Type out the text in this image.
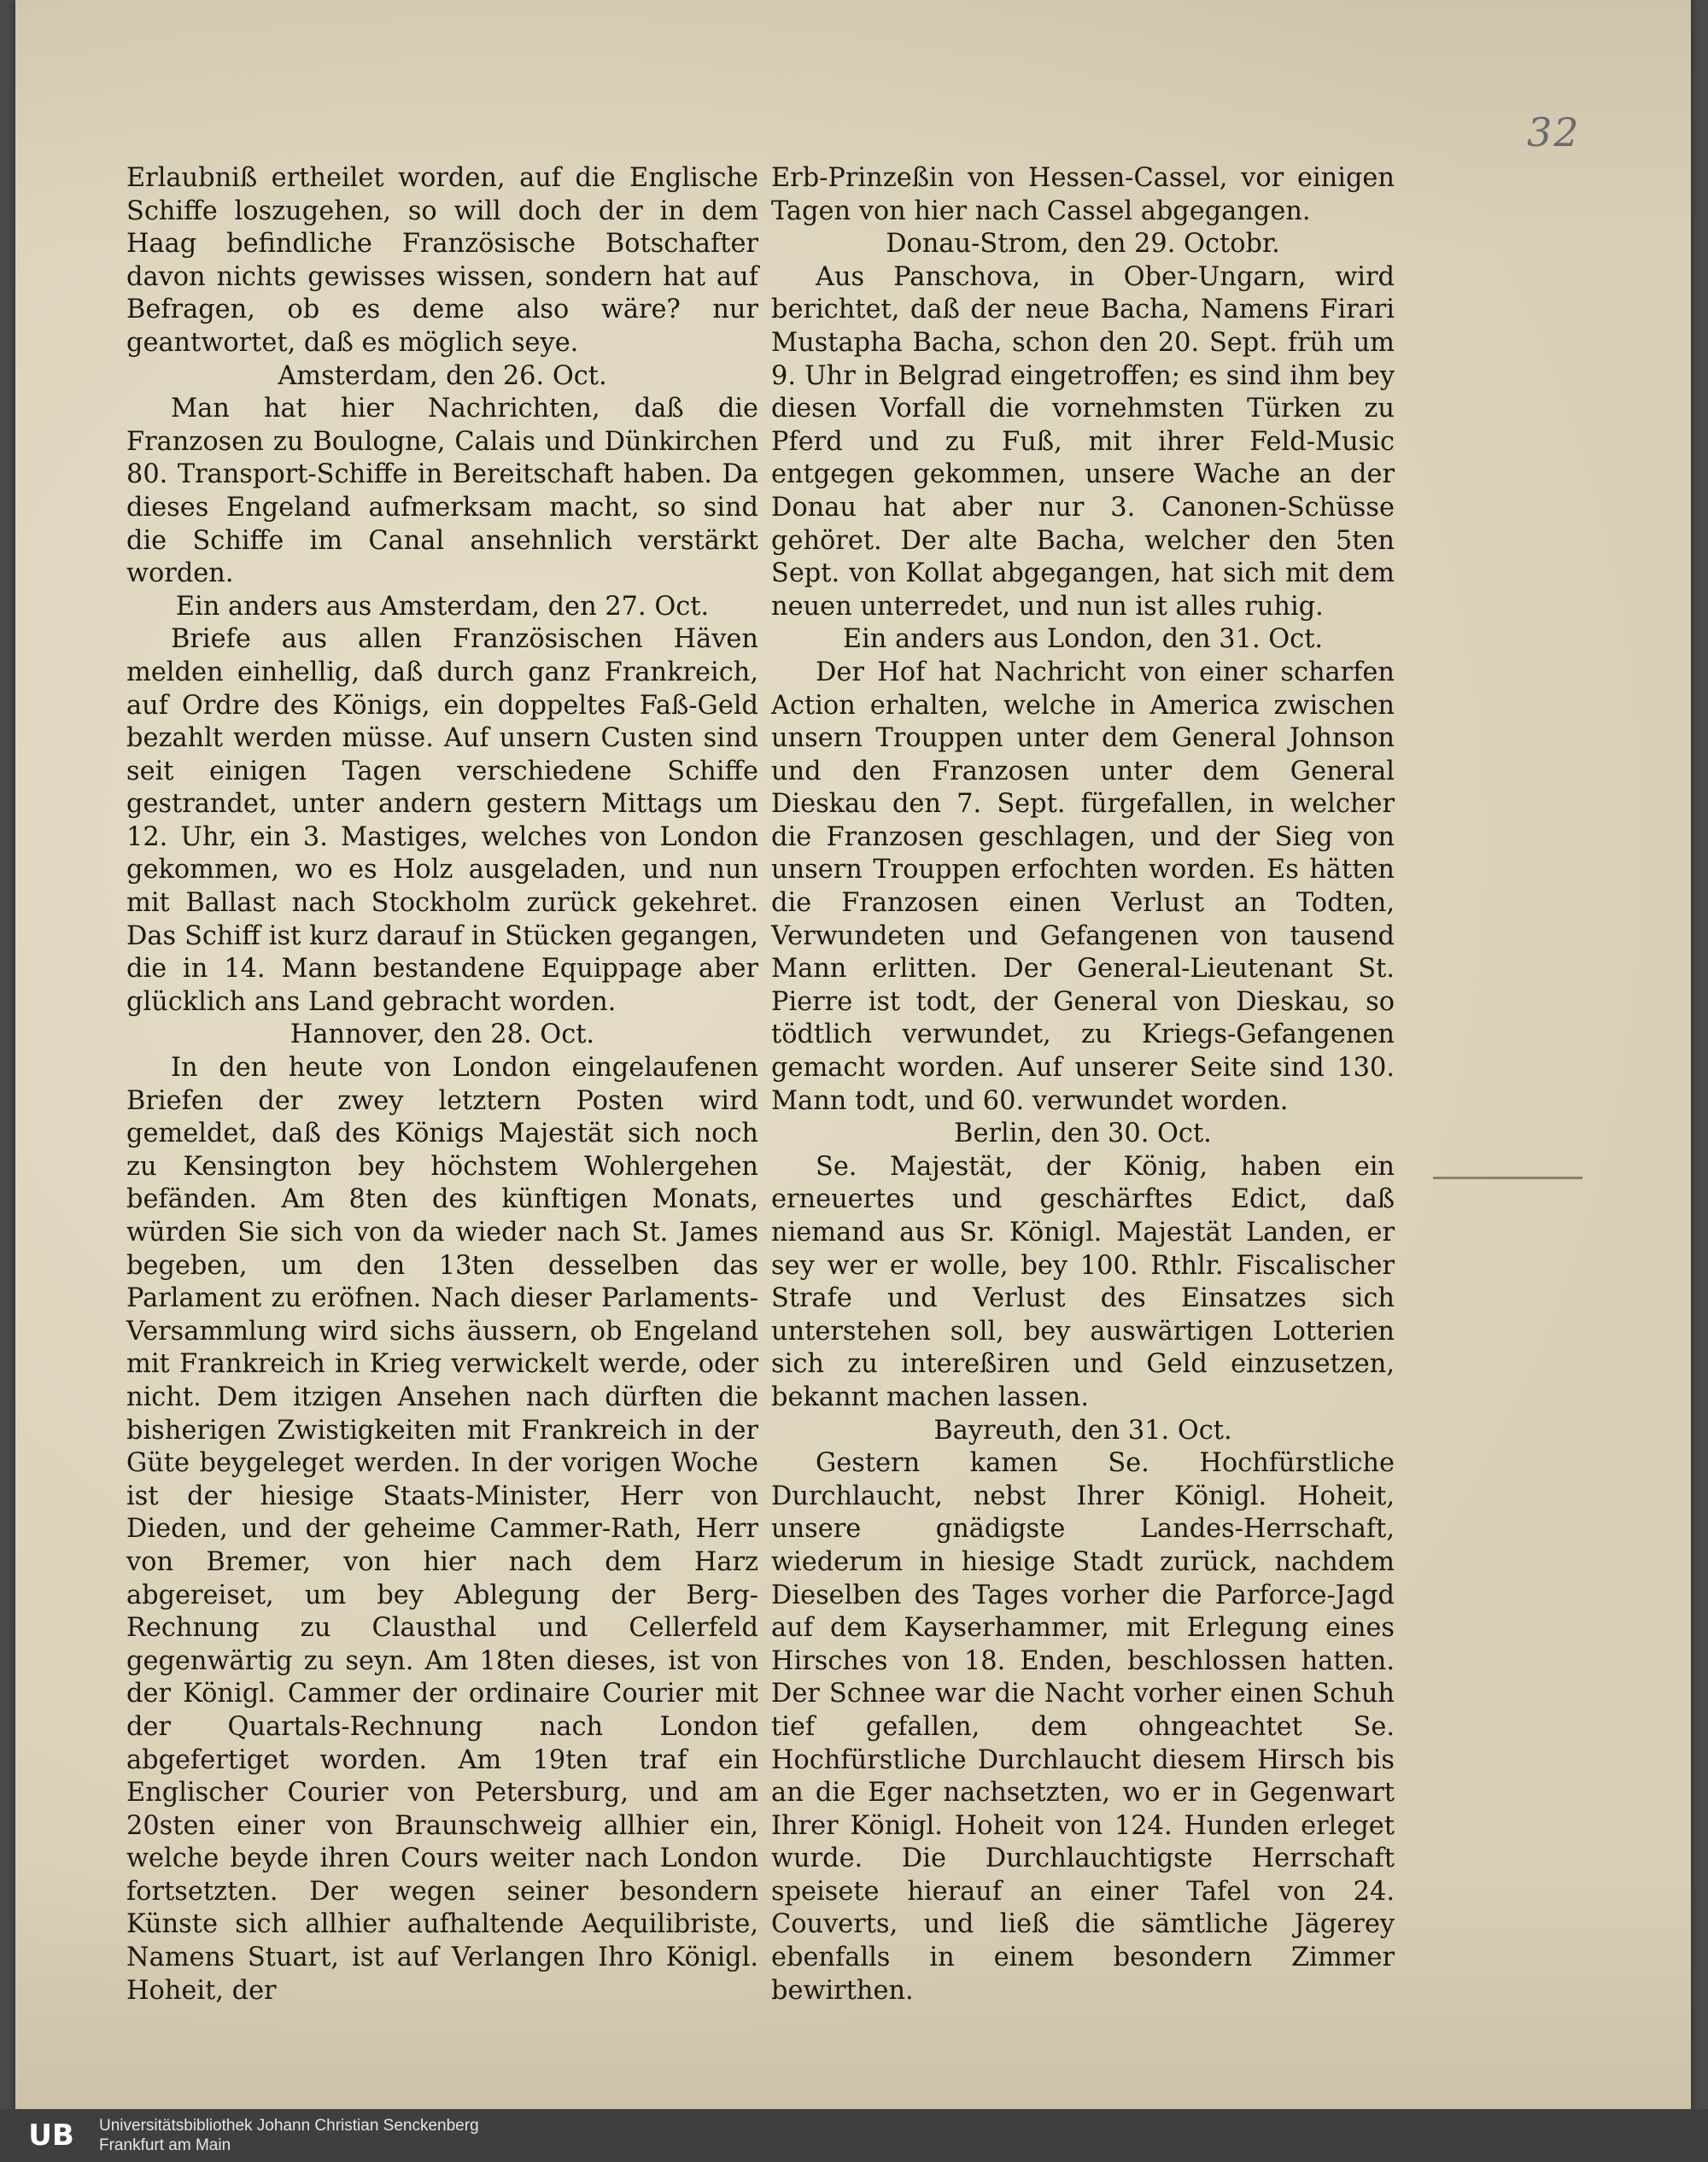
32

Erlaubniß ertheilet worden, auf die Englische Schiffe loszugehen, so will doch der in dem Haag befindliche Französische Botschafter davon nichts gewisses wissen, sondern hat auf Befragen, ob es deme also wäre? nur geantwortet, daß es möglich seye.

Amsterdam, den 26. Oct.

Man hat hier Nachrichten, daß die Franzosen zu Boulogne, Calais und Dünkirchen 80. Transport-Schiffe in Bereitschaft haben. Da dieses Engeland aufmerksam macht, so sind die Schiffe im Canal ansehnlich verstärkt worden.

Ein anders aus Amsterdam, den 27. Oct.

Briefe aus allen Französischen Häven melden einhellig, daß durch ganz Frankreich, auf Ordre des Königs, ein doppeltes Faß-Geld bezahlt werden müsse. Auf unsern Custen sind seit einigen Tagen verschiedene Schiffe gestrandet, unter andern gestern Mittags um 12. Uhr, ein 3. Mastiges, welches von London gekommen, wo es Holz ausgeladen, und nun mit Ballast nach Stockholm zurück gekehret. Das Schiff ist kurz darauf in Stücken gegangen, die in 14. Mann bestandene Equippage aber glücklich ans Land gebracht worden.

Hannover, den 28. Oct.

In den heute von London eingelaufenen Briefen der zwey letztern Posten wird gemeldet, daß des Königs Majestät sich noch zu Kensington bey höchstem Wohlergehen befänden. Am 8ten des künftigen Monats, würden Sie sich von da wieder nach St. James begeben, um den 13ten desselben das Parlament zu eröfnen. Nach dieser Parlaments-Versammlung wird sichs äussern, ob Engeland mit Frankreich in Krieg verwickelt werde, oder nicht. Dem itzigen Ansehen nach dürften die bisherigen Zwistigkeiten mit Frankreich in der Güte beygeleget werden. In der vorigen Woche ist der hiesige Staats-Minister, Herr von Dieden, und der geheime Cammer-Rath, Herr von Bremer, von hier nach dem Harz abgereiset, um bey Ablegung der Berg-Rechnung zu Clausthal und Cellerfeld gegenwärtig zu seyn. Am 18ten dieses, ist von der Königl. Cammer der ordinaire Courier mit der Quartals-Rechnung nach London abgefertiget worden. Am 19ten traf ein Englischer Courier von Petersburg, und am 20sten einer von Braunschweig allhier ein, welche beyde ihren Cours weiter nach London fortsetzten. Der wegen seiner besondern Künste sich allhier aufhaltende Aequilibriste, Namens Stuart, ist auf Verlangen Ihro Königl. Hoheit, der

Erb-Prinzeßin von Hessen-Cassel, vor einigen Tagen von hier nach Cassel abgegangen.

Donau-Strom, den 29. Octobr.

Aus Panschova, in Ober-Ungarn, wird berichtet, daß der neue Bacha, Namens Firari Mustapha Bacha, schon den 20. Sept. früh um 9. Uhr in Belgrad eingetroffen; es sind ihm bey diesen Vorfall die vornehmsten Türken zu Pferd und zu Fuß, mit ihrer Feld-Music entgegen gekommen, unsere Wache an der Donau hat aber nur 3. Canonen-Schüsse gehöret. Der alte Bacha, welcher den 5ten Sept. von Kollat abgegangen, hat sich mit dem neuen unterredet, und nun ist alles ruhig.

Ein anders aus London, den 31. Oct.

Der Hof hat Nachricht von einer scharfen Action erhalten, welche in America zwischen unsern Trouppen unter dem General Johnson und den Franzosen unter dem General Dieskau den 7. Sept. fürgefallen, in welcher die Franzosen geschlagen, und der Sieg von unsern Trouppen erfochten worden. Es hätten die Franzosen einen Verlust an Todten, Verwundeten und Gefangenen von tausend Mann erlitten. Der General-Lieutenant St. Pierre ist todt, der General von Dieskau, so tödtlich verwundet, zu Kriegs-Gefangenen gemacht worden. Auf unserer Seite sind 130. Mann todt, und 60. verwundet worden.

Berlin, den 30. Oct.

Se. Majestät, der König, haben ein erneuertes und geschärftes Edict, daß niemand aus Sr. Königl. Majestät Landen, er sey wer er wolle, bey 100. Rthlr. Fiscalischer Strafe und Verlust des Einsatzes sich unterstehen soll, bey auswärtigen Lotterien sich zu intereßiren und Geld einzusetzen, bekannt machen lassen.

Bayreuth, den 31. Oct.

Gestern kamen Se. Hochfürstliche Durchlaucht, nebst Ihrer Königl. Hoheit, unsere gnädigste Landes-Herrschaft, wiederum in hiesige Stadt zurück, nachdem Dieselben des Tages vorher die Parforce-Jagd auf dem Kayserhammer, mit Erlegung eines Hirsches von 18. Enden, beschlossen hatten. Der Schnee war die Nacht vorher einen Schuh tief gefallen, dem ohngeachtet Se. Hochfürstliche Durchlaucht diesem Hirsch bis an die Eger nachsetzten, wo er in Gegenwart Ihrer Königl. Hoheit von 124. Hunden erleget wurde. Die Durchlauchtigste Herrschaft speisete hierauf an einer Tafel von 24. Couverts, und ließ die sämtliche Jägerey ebenfalls in einem besondern Zimmer bewirthen.

UB	Universitätsbibliothek Johann Christian Senckenberg
Frankfurt am Main
